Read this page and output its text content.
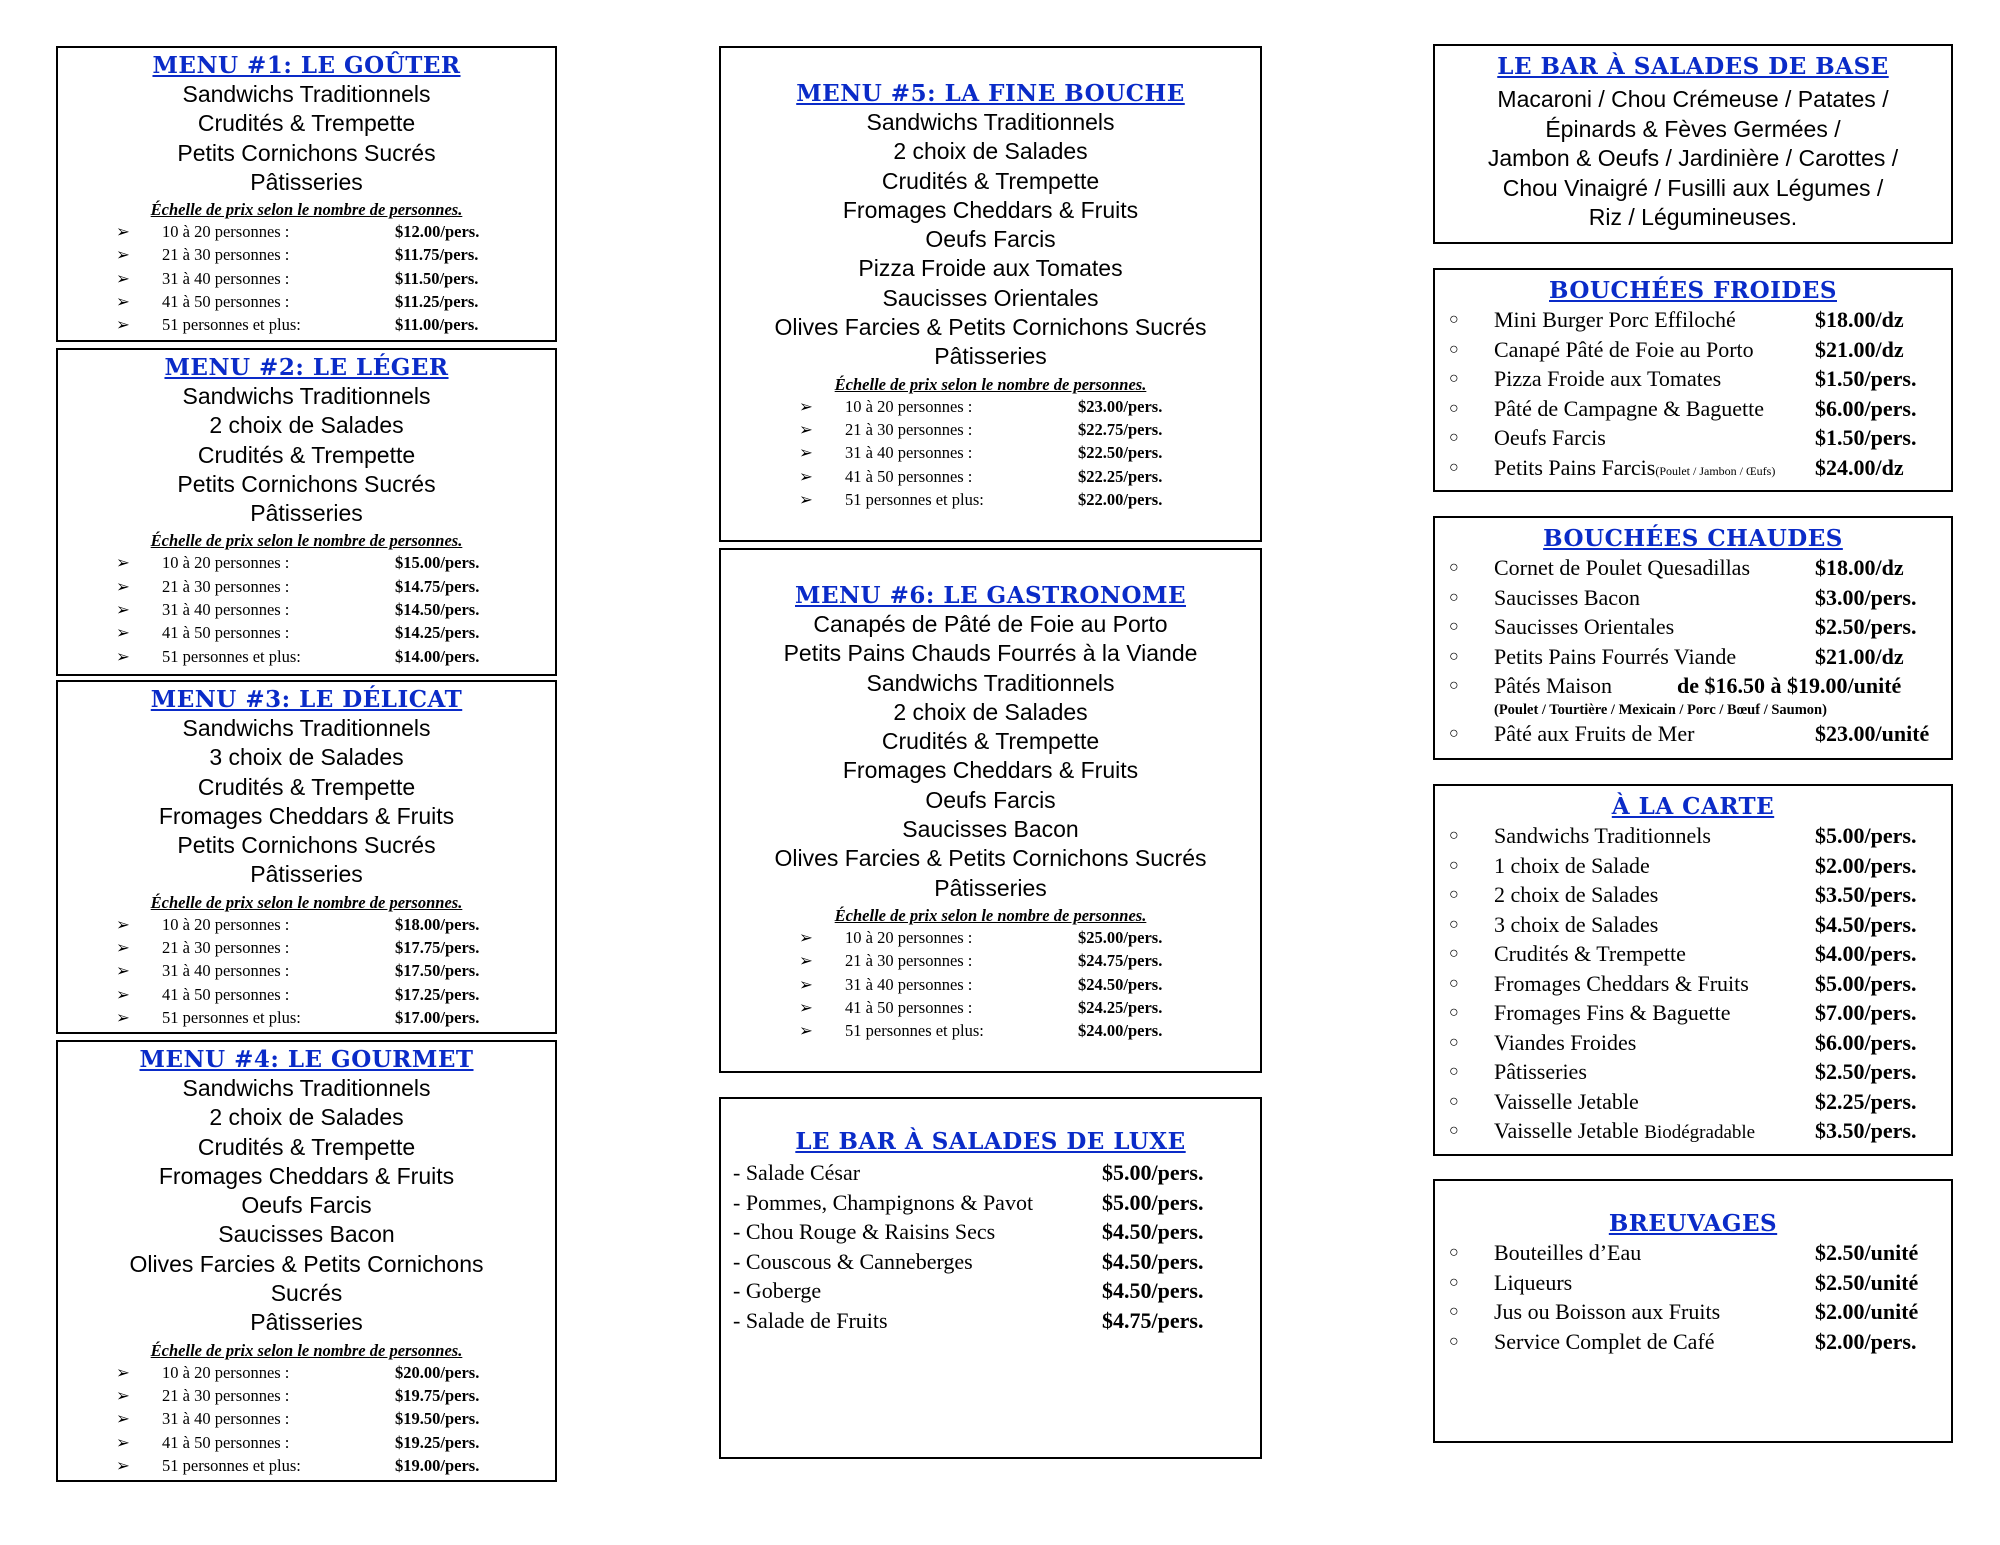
MENU #1: LE GOÛTER
Sandwichs Traditionnels
Crudités & Trempette
Petits Cornichons Sucrés
Pâtisseries
Échelle de prix selon le nombre de personnes.
➢ 10 à 20 personnes :	$12.00/pers.
➢ 21 à 30 personnes :	$11.75/pers.
➢ 31 à 40 personnes :	$11.50/pers.
➢ 41 à 50 personnes :	$11.25/pers.
➢ 51 personnes et plus:	$11.00/pers.
MENU #2: LE LÉGER
Sandwichs Traditionnels
2 choix de Salades
Crudités & Trempette
Petits Cornichons Sucrés
Pâtisseries
Échelle de prix selon le nombre de personnes.
➢ 10 à 20 personnes :	$15.00/pers.
➢ 21 à 30 personnes :	$14.75/pers.
➢ 31 à 40 personnes :	$14.50/pers.
➢ 41 à 50 personnes :	$14.25/pers.
➢ 51 personnes et plus:	$14.00/pers.
MENU #3: LE DÉLICAT
Sandwichs Traditionnels
3 choix de Salades
Crudités & Trempette
Fromages Cheddars & Fruits
Petits Cornichons Sucrés
Pâtisseries
Échelle de prix selon le nombre de personnes.
➢ 10 à 20 personnes :	$18.00/pers.
➢ 21 à 30 personnes :	$17.75/pers.
➢ 31 à 40 personnes :	$17.50/pers.
➢ 41 à 50 personnes :	$17.25/pers.
➢ 51 personnes et plus:	$17.00/pers.
MENU #4: LE GOURMET
Sandwichs Traditionnels
2 choix de Salades
Crudités & Trempette
Fromages Cheddars & Fruits
Oeufs Farcis
Saucisses Bacon
Olives Farcies & Petits Cornichons
Sucrés
Pâtisseries
Échelle de prix selon le nombre de personnes.
➢ 10 à 20 personnes :	$20.00/pers.
➢ 21 à 30 personnes :	$19.75/pers.
➢ 31 à 40 personnes :	$19.50/pers.
➢ 41 à 50 personnes :	$19.25/pers.
➢ 51 personnes et plus:	$19.00/pers.
MENU #5: LA FINE BOUCHE
Sandwichs Traditionnels
2 choix de Salades
Crudités & Trempette
Fromages Cheddars & Fruits
Oeufs Farcis
Pizza Froide aux Tomates
Saucisses Orientales
Olives Farcies & Petits Cornichons Sucrés
Pâtisseries
Échelle de prix selon le nombre de personnes.
➢ 10 à 20 personnes :	$23.00/pers.
➢ 21 à 30 personnes :	$22.75/pers.
➢ 31 à 40 personnes :	$22.50/pers.
➢ 41 à 50 personnes :	$22.25/pers.
➢ 51 personnes et plus:	$22.00/pers.
MENU #6: LE GASTRONOME
Canapés de Pâté de Foie au Porto
Petits Pains Chauds Fourrés à la Viande
Sandwichs Traditionnels
2 choix de Salades
Crudités & Trempette
Fromages Cheddars & Fruits
Oeufs Farcis
Saucisses Bacon
Olives Farcies & Petits Cornichons Sucrés
Pâtisseries
Échelle de prix selon le nombre de personnes.
➢ 10 à 20 personnes :	$25.00/pers.
➢ 21 à 30 personnes :	$24.75/pers.
➢ 31 à 40 personnes :	$24.50/pers.
➢ 41 à 50 personnes :	$24.25/pers.
➢ 51 personnes et plus:	$24.00/pers.
LE BAR À SALADES DE LUXE
- Salade César	$5.00/pers.
- Pommes, Champignons & Pavot	$5.00/pers.
- Chou Rouge & Raisins Secs	$4.50/pers.
- Couscous & Canneberges	$4.50/pers.
- Goberge	$4.50/pers.
- Salade de Fruits	$4.75/pers.
LE BAR À SALADES DE BASE
Macaroni / Chou Crémeuse / Patates /
Épinards & Fèves Germées /
Jambon & Oeufs / Jardinière / Carottes /
Chou Vinaigré / Fusilli aux Légumes /
Riz / Légumineuses.
BOUCHÉES FROIDES
○ Mini Burger Porc Effiloché	$18.00/dz
○ Canapé Pâté de Foie au Porto	$21.00/dz
○ Pizza Froide aux Tomates	$1.50/pers.
○ Pâté de Campagne & Baguette $6.00/pers.
○ Oeufs Farcis	$1.50/pers.
○ Petits Pains Farcis(Poulet / Jambon / Œufs) $24.00/dz
BOUCHÉES CHAUDES
○ Cornet de Poulet Quesadillas	$18.00/dz
○ Saucisses Bacon	$3.00/pers.
○ Saucisses Orientales	$2.50/pers.
○ Petits Pains Fourrés Viande	$21.00/dz
○ Pâtés Maison	de $16.50 à $19.00/unité
(Poulet / Tourtière / Mexicain / Porc / Bœuf / Saumon)
○ Pâté aux Fruits de Mer	$23.00/unité
À LA CARTE
○ Sandwichs Traditionnels	$5.00/pers.
○ 1 choix de Salade	$2.00/pers.
○ 2 choix de Salades	$3.50/pers.
○ 3 choix de Salades	$4.50/pers.
○ Crudités & Trempette	$4.00/pers.
○ Fromages Cheddars & Fruits	$5.00/pers.
○ Fromages Fins & Baguette	$7.00/pers.
○ Viandes Froides	$6.00/pers.
○ Pâtisseries	$2.50/pers.
○ Vaisselle Jetable	$2.25/pers.
○ Vaisselle Jetable Biodégradable	$3.50/pers.
BREUVAGES
○ Bouteilles d’Eau	$2.50/unité
○ Liqueurs	$2.50/unité
○ Jus ou Boisson aux Fruits	$2.00/unité
○ Service Complet de Café	$2.00/pers.
